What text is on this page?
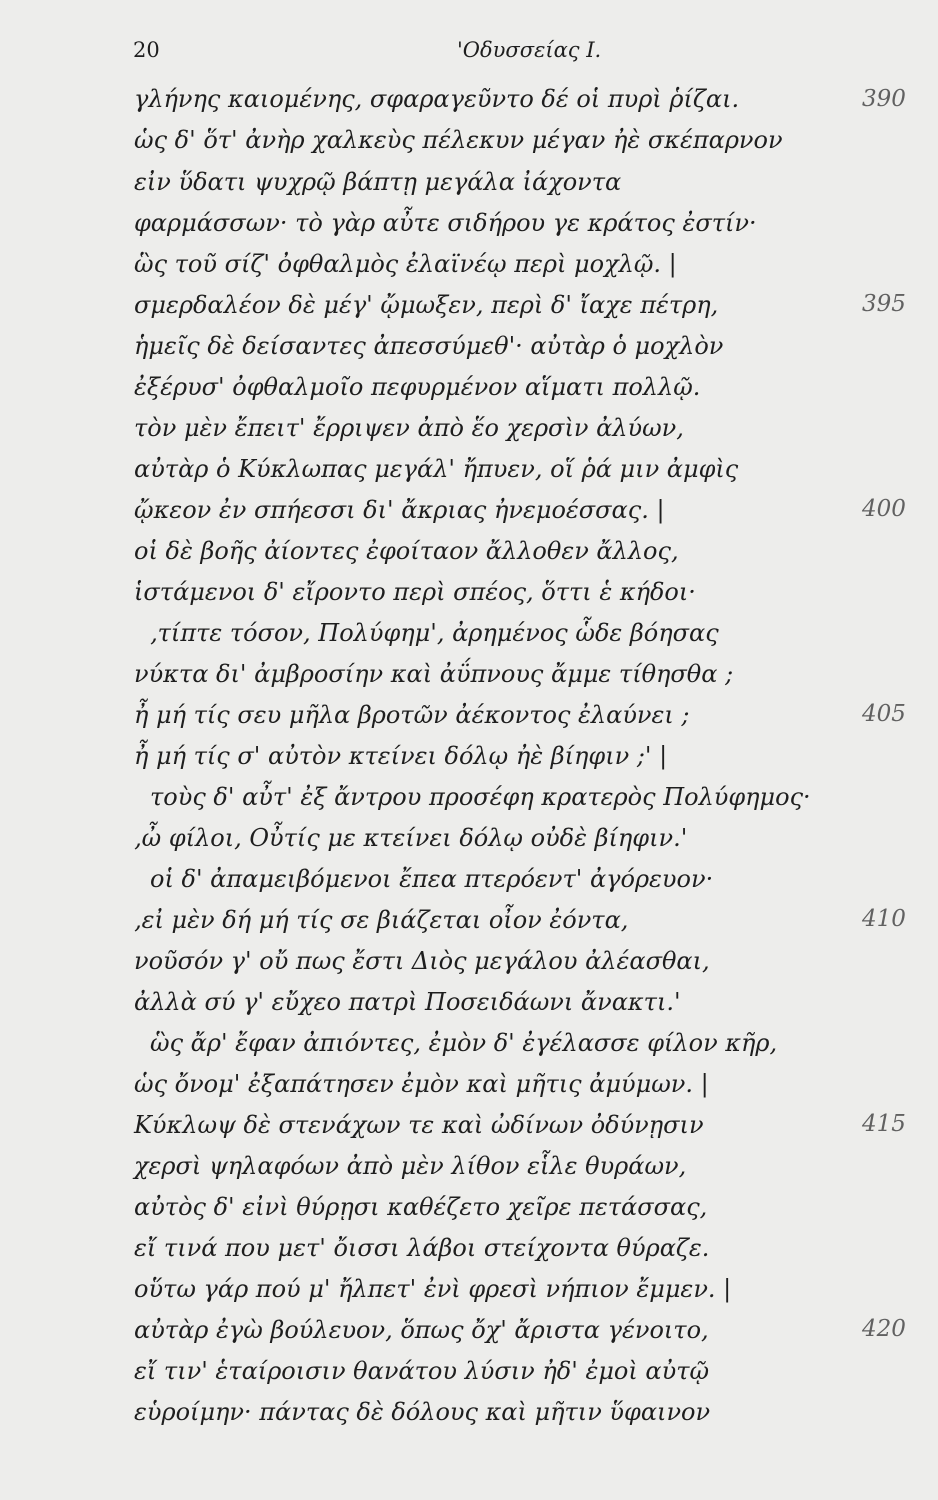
20	'Οδυσσείας Ι.
γλήνης καιομένης, σφαραγεῦντο δέ οἱ πυρὶ ῥίζαι.
ὡς δ' ὅτ' ἀνὴρ χαλκεὺς πέλεκυν μέγαν ἠὲ σκέπαρνον
εἰν ὕδατι ψυχρῷ βάπτῃ μεγάλα ἰάχοντα
φαρμάσσων· τὸ γὰρ αὖτε σιδήρου γε κράτος ἐστίν·
ὣς τοῦ σίζ' ὀφθαλμὸς ἐλαϊνέῳ περὶ μοχλῷ. |
σμερδαλέον δὲ μέγ' ᾤμωξεν, περὶ δ' ἴαχε πέτρη,
ἡμεῖς δὲ δείσαντες ἀπεσσύμεθ'· αὐτὰρ ὁ μοχλὸν
ἐξέρυσ' ὀφθαλμοῖο πεφυρμένον αἵματι πολλῷ.
τὸν μὲν ἔπειτ' ἔρριψεν ἀπὸ ἕο χερσὶν ἀλύων,
αὐτὰρ ὁ Κύκλωπας μεγάλ' ἤπυεν, οἵ ῥά μιν ἀμφὶς
ᾤκεον ἐν σπήεσσι δι' ἄκριας ἠνεμοέσσας. |
οἱ δὲ βοῆς ἀίοντες ἐφοίταον ἄλλοθεν ἄλλος,
ἱστάμενοι δ' εἴροντο περὶ σπέος, ὅττι ἑ κήδοι·
‚τίπτε τόσον, Πολύφημ', ἀρημένος ὧδε βόησας
νύκτα δι' ἀμβροσίην καὶ ἀΰπνους ἄμμε τίθησθα ;
ἦ μή τίς σευ μῆλα βροτῶν ἀέκοντος ἐλαύνει ;
ἦ μή τίς σ' αὐτὸν κτείνει δόλῳ ἠὲ βίηφιν ;' |
τοὺς δ' αὖτ' ἐξ ἄντρου προσέφη κρατερὸς Πολύφημος·
‚ὦ φίλοι, Οὖτίς με κτείνει δόλῳ οὐδὲ βίηφιν.'
οἱ δ' ἀπαμειβόμενοι ἔπεα πτερόεντ' ἀγόρευον·
‚εἰ μὲν δή μή τίς σε βιάζεται οἶον ἐόντα,
νοῦσόν γ' οὔ πως ἔστι Διὸς μεγάλου ἀλέασθαι,
ἀλλὰ σύ γ' εὔχεο πατρὶ Ποσειδάωνι ἄνακτι.'
ὣς ἄρ' ἔφαν ἀπιόντες, ἐμὸν δ' ἐγέλασσε φίλον κῆρ,
ὡς ὄνομ' ἐξαπάτησεν ἐμὸν καὶ μῆτις ἀμύμων. |
Κύκλωψ δὲ στενάχων τε καὶ ὠδίνων ὀδύνῃσιν
χερσὶ ψηλαφόων ἀπὸ μὲν λίθον εἷλε θυράων,
αὐτὸς δ' εἰνὶ θύρῃσι καθέζετο χεῖρε πετάσσας,
εἴ τινά που μετ' ὄισσι λάβοι στείχοντα θύραζε.
οὕτω γάρ πού μ' ἤλπετ' ἐνὶ φρεσὶ νήπιον ἔμμεν. |
αὐτὰρ ἐγὼ βούλευον, ὅπως ὄχ' ἄριστα γένοιτο,
εἴ τιν' ἑταίροισιν θανάτου λύσιν ἠδ' ἐμοὶ αὐτῷ
εὑροίμην· πάντας δὲ δόλους καὶ μῆτιν ὕφαινον
390
395
400
405
410
415
420
